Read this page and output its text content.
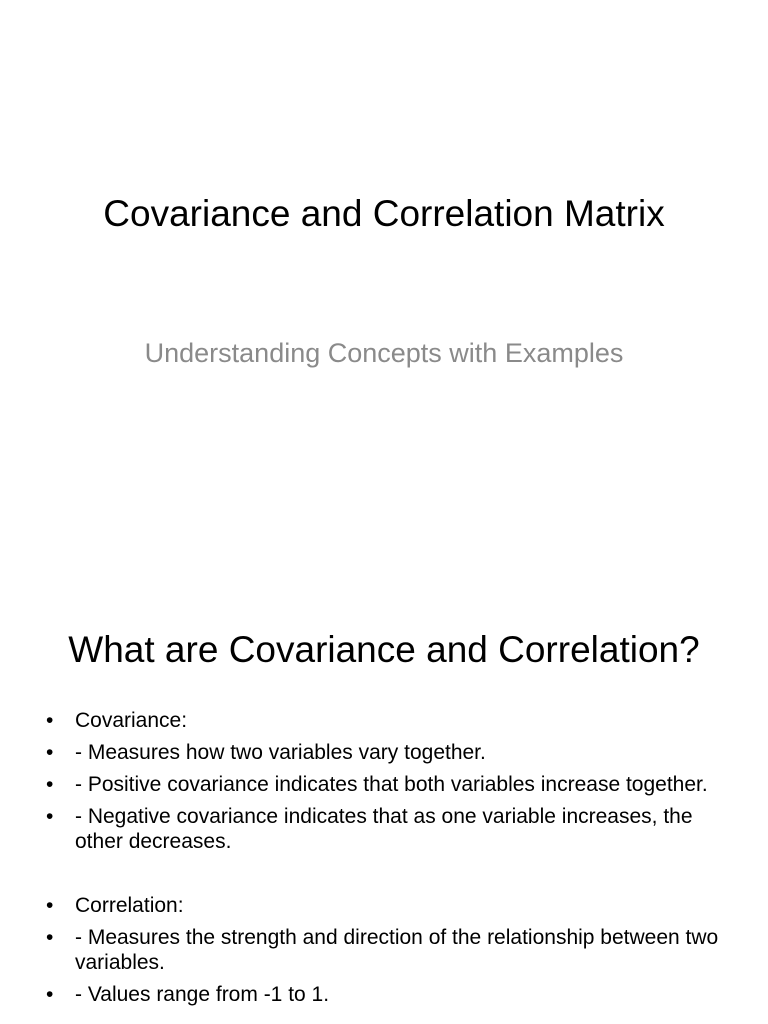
Covariance and Correlation Matrix

Understanding Concepts with Examples

What are Covariance and Correlation?
• Covariance:
• - Measures how two variables vary together.
• - Positive covariance indicates that both variables increase together.
• - Negative covariance indicates that as one variable increases, the other decreases.
• Correlation:
• - Measures the strength and direction of the relationship between two variables.
• - Values range from -1 to 1.
